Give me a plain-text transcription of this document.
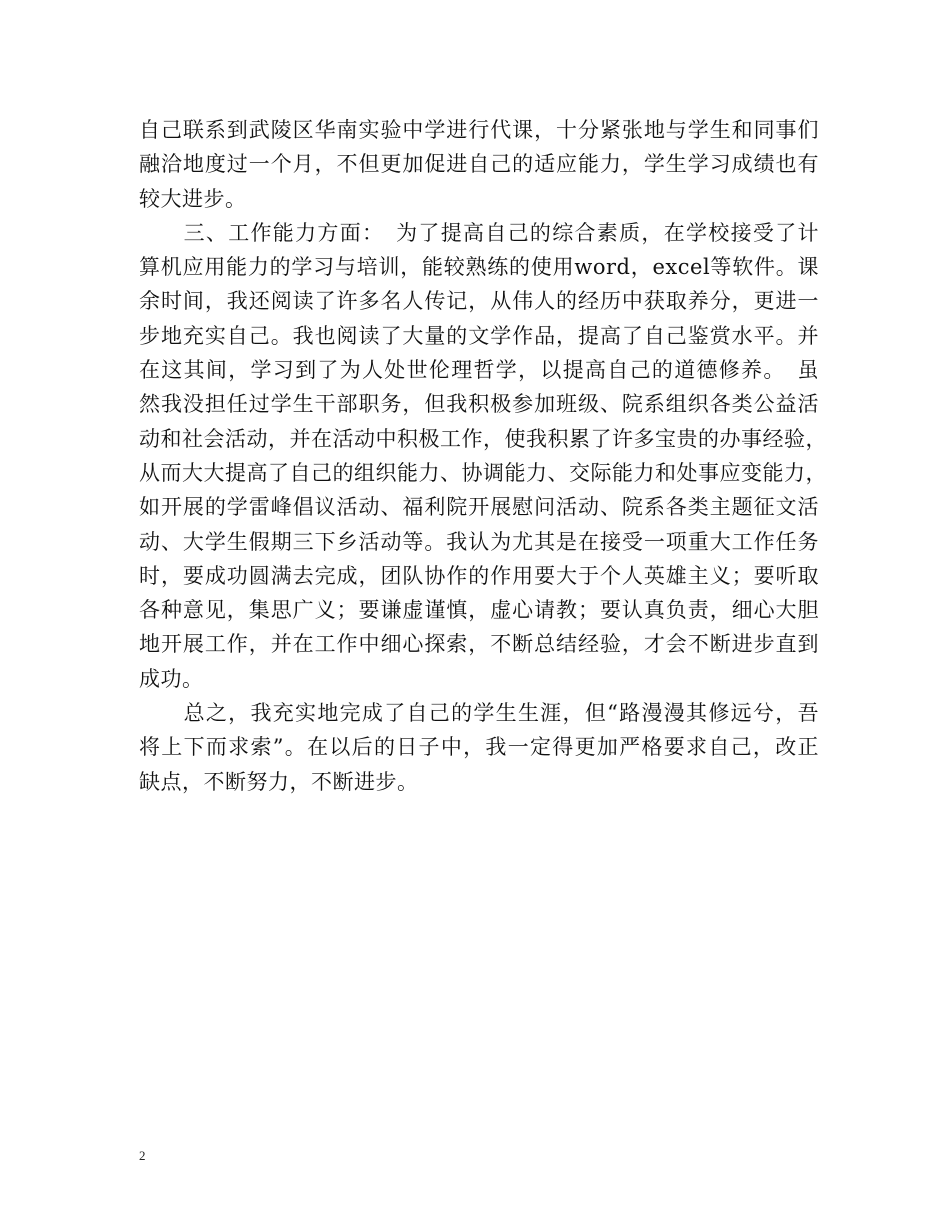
自己联系到武陵区华南实验中学进行代课，十分紧张地与学生和同事们
融洽地度过一个月，不但更加促进自己的适应能力，学生学习成绩也有
较大进步。
　　三、工作能力方面：　为了提高自己的综合素质，在学校接受了计
算机应用能力的学习与培训，能较熟练的使用word，excel等软件。课
余时间，我还阅读了许多名人传记，从伟人的经历中获取养分，更进一
步地充实自己。我也阅读了大量的文学作品，提高了自己鉴赏水平。并
在这其间，学习到了为人处世伦理哲学，以提高自己的道德修养。　虽
然我没担任过学生干部职务，但我积极参加班级、院系组织各类公益活
动和社会活动，并在活动中积极工作，使我积累了许多宝贵的办事经验，
从而大大提高了自己的组织能力、协调能力、交际能力和处事应变能力，
如开展的学雷峰倡议活动、福利院开展慰问活动、院系各类主题征文活
动、大学生假期三下乡活动等。我认为尤其是在接受一项重大工作任务
时，要成功圆满去完成，团队协作的作用要大于个人英雄主义；要听取
各种意见，集思广义；要谦虚谨慎，虚心请教；要认真负责，细心大胆
地开展工作，并在工作中细心探索，不断总结经验，才会不断进步直到
成功。
　　总之，我充实地完成了自己的学生生涯，但“路漫漫其修远兮，吾
将上下而求索”。在以后的日子中，我一定得更加严格要求自己，改正
缺点，不断努力，不断进步。
2
